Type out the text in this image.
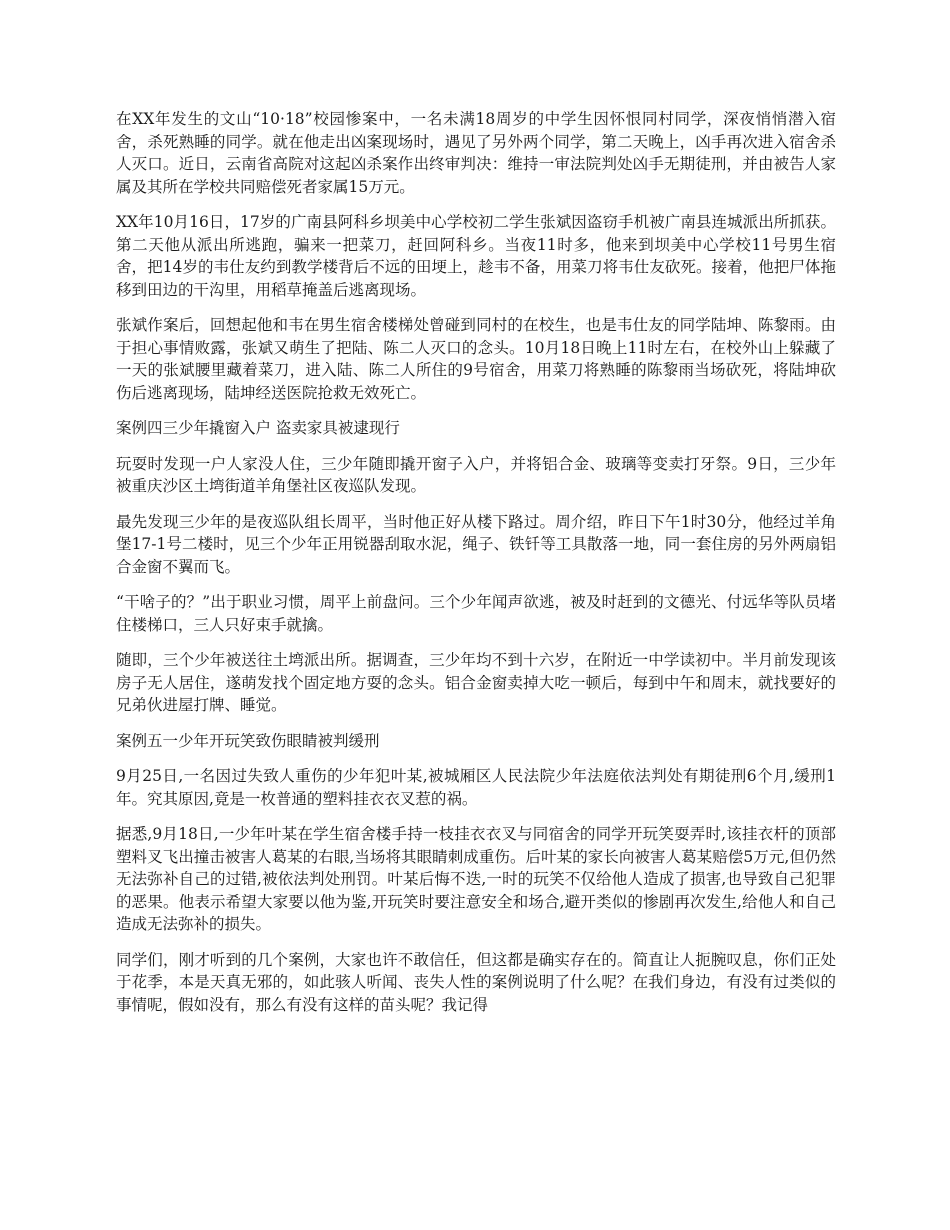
在XX年发生的文山“10·18”校园惨案中，一名未满18周岁的中学生因怀恨同村同学，深夜悄悄潜入宿舍，杀死熟睡的同学。就在他走出凶案现场时，遇见了另外两个同学，第二天晚上，凶手再次进入宿舍杀人灭口。近日，云南省高院对这起凶杀案作出终审判决：维持一审法院判处凶手无期徒刑，并由被告人家属及其所在学校共同赔偿死者家属15万元。

XX年10月16日，17岁的广南县阿科乡坝美中心学校初二学生张斌因盗窃手机被广南县连城派出所抓获。第二天他从派出所逃跑，骗来一把菜刀，赶回阿科乡。当夜11时多，他来到坝美中心学校11号男生宿舍，把14岁的韦仕友约到教学楼背后不远的田埂上，趁韦不备，用菜刀将韦仕友砍死。接着，他把尸体拖移到田边的干沟里，用稻草掩盖后逃离现场。

张斌作案后，回想起他和韦在男生宿舍楼梯处曾碰到同村的在校生，也是韦仕友的同学陆坤、陈黎雨。由于担心事情败露，张斌又萌生了把陆、陈二人灭口的念头。10月18日晚上11时左右，在校外山上躲藏了一天的张斌腰里藏着菜刀，进入陆、陈二人所住的9号宿舍，用菜刀将熟睡的陈黎雨当场砍死，将陆坤砍伤后逃离现场，陆坤经送医院抢救无效死亡。

案例四三少年撬窗入户 盗卖家具被逮现行

玩耍时发现一户人家没人住，三少年随即撬开窗子入户，并将铝合金、玻璃等变卖打牙祭。9日，三少年被重庆沙区土塆街道羊角堡社区夜巡队发现。

最先发现三少年的是夜巡队组长周平，当时他正好从楼下路过。周介绍，昨日下午1时30分，他经过羊角堡17-1号二楼时，见三个少年正用锐器刮取水泥，绳子、铁钎等工具散落一地，同一套住房的另外两扇铝合金窗不翼而飞。

“干啥子的？”出于职业习惯，周平上前盘问。三个少年闻声欲逃，被及时赶到的文德光、付远华等队员堵住楼梯口，三人只好束手就擒。

随即，三个少年被送往土塆派出所。据调查，三少年均不到十六岁，在附近一中学读初中。半月前发现该房子无人居住，遂萌发找个固定地方耍的念头。铝合金窗卖掉大吃一顿后，每到中午和周末，就找要好的兄弟伙进屋打牌、睡觉。

案例五一少年开玩笑致伤眼睛被判缓刑

9月25日,一名因过失致人重伤的少年犯叶某,被城厢区人民法院少年法庭依法判处有期徒刑6个月,缓刑1年。究其原因,竟是一枚普通的塑料挂衣衣叉惹的祸。

据悉,9月18日,一少年叶某在学生宿舍楼手持一枝挂衣衣叉与同宿舍的同学开玩笑耍弄时,该挂衣杆的顶部塑料叉飞出撞击被害人葛某的右眼,当场将其眼睛刺成重伤。后叶某的家长向被害人葛某赔偿5万元,但仍然无法弥补自己的过错,被依法判处刑罚。叶某后悔不迭,一时的玩笑不仅给他人造成了损害,也导致自己犯罪的恶果。他表示希望大家要以他为鉴,开玩笑时要注意安全和场合,避开类似的惨剧再次发生,给他人和自己造成无法弥补的损失。

同学们，刚才听到的几个案例，大家也许不敢信任，但这都是确实存在的。简直让人扼腕叹息，你们正处于花季，本是天真无邪的，如此骇人听闻、丧失人性的案例说明了什么呢？在我们身边，有没有过类似的事情呢，假如没有，那么有没有这样的苗头呢？我记得
